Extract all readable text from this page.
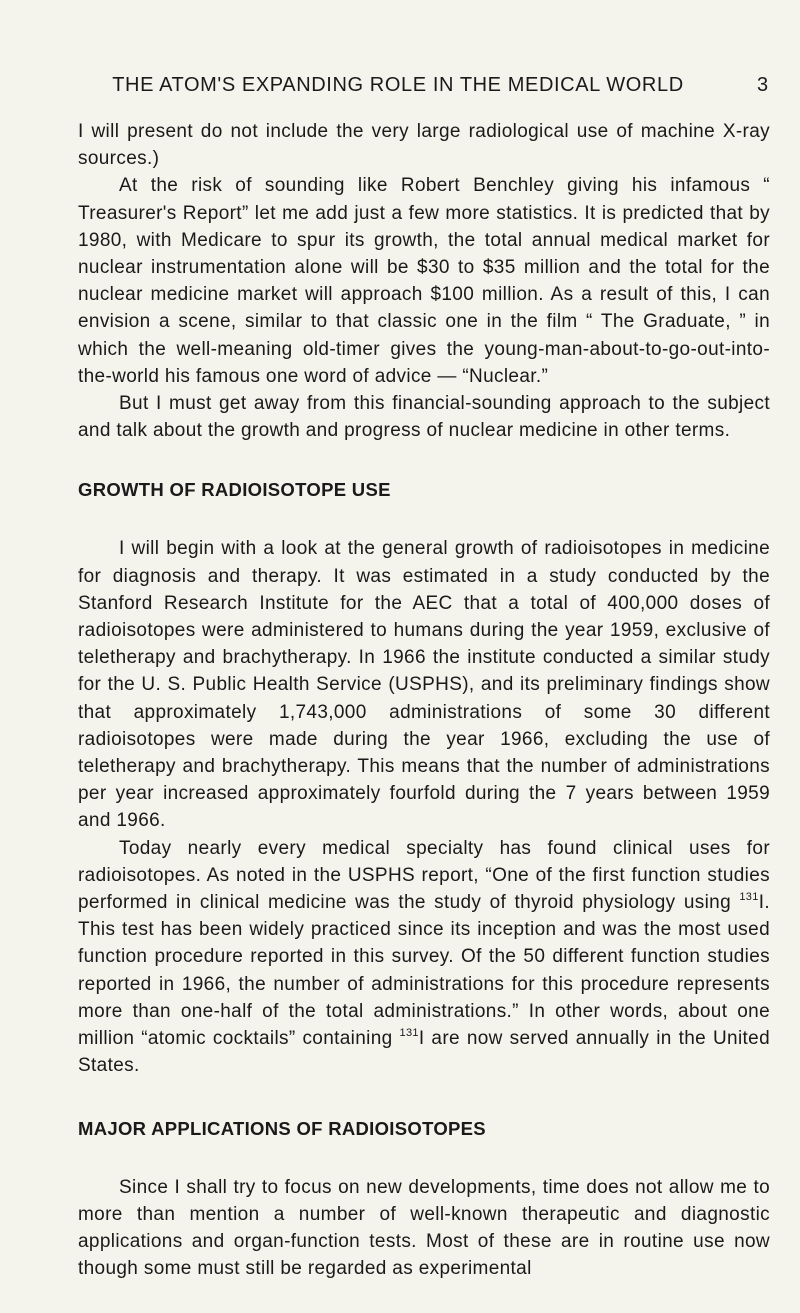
THE ATOM'S EXPANDING ROLE IN THE MEDICAL WORLD	3

I will present do not include the very large radiological use of machine X-ray sources.)

At the risk of sounding like Robert Benchley giving his infamous “ Treasurer's Report” let me add just a few more statistics. It is predicted that by 1980, with Medicare to spur its growth, the total annual medical market for nuclear instrumentation alone will be $30 to $35 million and the total for the nuclear medicine market will approach $100 million. As a result of this, I can envision a scene, similar to that classic one in the film “ The Graduate, ” in which the well-meaning old-timer gives the young-man-about-to-go-out-into-the-world his famous one word of advice — “Nuclear.”

But I must get away from this financial-sounding approach to the subject and talk about the growth and progress of nuclear medicine in other terms.

GROWTH OF RADIOISOTOPE USE

I will begin with a look at the general growth of radioisotopes in medicine for diagnosis and therapy. It was estimated in a study conducted by the Stanford Research Institute for the AEC that a total of 400,000 doses of radioisotopes were administered to humans during the year 1959, exclusive of teletherapy and brachytherapy. In 1966 the institute conducted a similar study for the U. S. Public Health Service (USPHS), and its preliminary findings show that approximately 1,743,000 administrations of some 30 different radioisotopes were made during the year 1966, excluding the use of teletherapy and brachytherapy. This means that the number of administrations per year increased approximately fourfold during the 7 years between 1959 and 1966.

Today nearly every medical specialty has found clinical uses for radioisotopes. As noted in the USPHS report, “One of the first function studies performed in clinical medicine was the study of thyroid physiology using $^{131}$I. This test has been widely practiced since its inception and was the most used function procedure reported in this survey. Of the 50 different function studies reported in 1966, the number of administrations for this procedure represents more than one-half of the total administrations.” In other words, about one million “atomic cocktails” containing $^{131}$I are now served annually in the United States.

MAJOR APPLICATIONS OF RADIOISOTOPES

Since I shall try to focus on new developments, time does not allow me to more than mention a number of well-known therapeutic and diagnostic applications and organ-function tests. Most of these are in routine use now though some must still be regarded as experimental
